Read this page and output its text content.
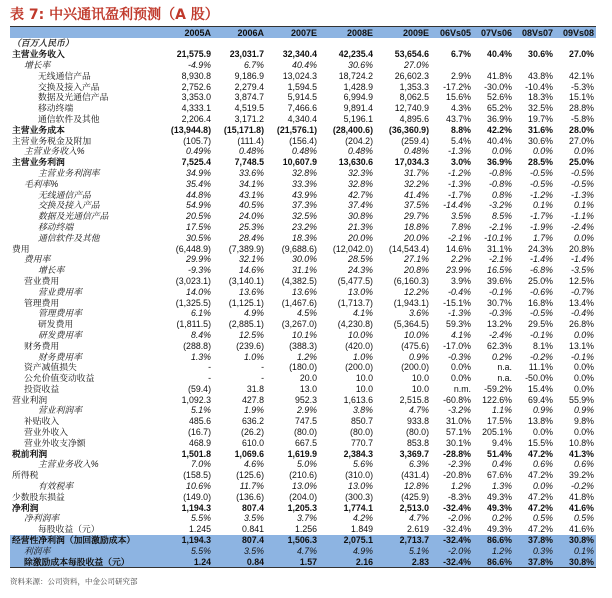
表 7: 中兴通讯盈利预测（A 股）
	2005A	2006A	2007E	2008E	2009E	06Vs05	07Vs06	08Vs07	09Vs08
（百万人民币）									
主营业务收入	21,575.9	23,031.7	32,340.4	42,235.4	53,654.6	6.7%	40.4%	30.6%	27.0%
增长率	-4.9%	6.7%	40.4%	30.6%	27.0%				
无线通信产品	8,930.8	9,186.9	13,024.3	18,724.2	26,602.3	2.9%	41.8%	43.8%	42.1%
交换及接入产品	2,752.6	2,279.4	1,594.5	1,428.9	1,353.3	-17.2%	-30.0%	-10.4%	-5.3%
数据及光通信产品	3,353.0	3,874.7	5,914.5	6,994.9	8,062.5	15.6%	52.6%	18.3%	15.1%
移动终端	4,333.1	4,519.5	7,466.6	9,891.4	12,740.9	4.3%	65.2%	32.5%	28.8%
通信软件及其他	2,206.4	3,171.2	4,340.4	5,196.1	4,895.6	43.7%	36.9%	19.7%	-5.8%
主营业务成本	(13,944.8)	(15,171.8)	(21,576.1)	(28,400.6)	(36,360.9)	8.8%	42.2%	31.6%	28.0%
主营业务税金及附加	(105.7)	(111.4)	(156.4)	(204.2)	(259.4)	5.4%	40.4%	30.6%	27.0%
主营业务收入%	0.49%	0.48%	0.48%	0.48%	0.48%	-1.3%	0.0%	0.0%	0.0%
主营业务利润	7,525.4	7,748.5	10,607.9	13,630.6	17,034.3	3.0%	36.9%	28.5%	25.0%
主营业务利润率	34.9%	33.6%	32.8%	32.3%	31.7%	-1.2%	-0.8%	-0.5%	-0.5%
毛利率%	35.4%	34.1%	33.3%	32.8%	32.2%	-1.3%	-0.8%	-0.5%	-0.5%
无线通信产品	44.8%	43.1%	43.9%	42.7%	41.4%	-1.7%	0.8%	-1.2%	-1.3%
交换及接入产品	54.9%	40.5%	37.3%	37.4%	37.5%	-14.4%	-3.2%	0.1%	0.1%
数据及光通信产品	20.5%	24.0%	32.5%	30.8%	29.7%	3.5%	8.5%	-1.7%	-1.1%
移动终端	17.5%	25.3%	23.2%	21.3%	18.8%	7.8%	-2.1%	-1.9%	-2.4%
通信软件及其他	30.5%	28.4%	18.3%	20.0%	20.0%	-2.1%	-10.1%	1.7%	0.0%
费用	(6,448.9)	(7,389.9)	(9,688.6)	(12,042.0)	(14,543.4)	14.6%	31.1%	24.3%	20.8%
费用率	29.9%	32.1%	30.0%	28.5%	27.1%	2.2%	-2.1%	-1.4%	-1.4%
增长率	-9.3%	14.6%	31.1%	24.3%	20.8%	23.9%	16.5%	-6.8%	-3.5%
营业费用	(3,023.1)	(3,140.1)	(4,382.5)	(5,477.5)	(6,160.3)	3.9%	39.6%	25.0%	12.5%
营业费用率	14.0%	13.6%	13.6%	13.0%	12.2%	-0.4%	-0.1%	-0.6%	-0.7%
管理费用	(1,325.5)	(1,125.1)	(1,467.6)	(1,713.7)	(1,943.1)	-15.1%	30.7%	16.8%	13.4%
管理费用率	6.1%	4.9%	4.5%	4.1%	3.6%	-1.3%	-0.3%	-0.5%	-0.4%
研发费用	(1,811.5)	(2,885.1)	(3,267.0)	(4,230.8)	(5,364.5)	59.3%	13.2%	29.5%	26.8%
研发费用率	8.4%	12.5%	10.1%	10.0%	10.0%	4.1%	-2.4%	-0.1%	0.0%
财务费用	(288.8)	(239.6)	(388.3)	(420.0)	(475.6)	-17.0%	62.3%	8.1%	13.1%
财务费用率	1.3%	1.0%	1.2%	1.0%	0.9%	-0.3%	0.2%	-0.2%	-0.1%
资产减值损失	-	-	(180.0)	(200.0)	(200.0)	0.0%	n.a.	11.1%	0.0%
公允价值变动收益	-	-	20.0	10.0	10.0	0.0%	n.a.	-50.0%	0.0%
投资收益	(59.4)	31.8	13.0	10.0	10.0	n.m.	-59.2%	15.4%	0.0%
营业利润	1,092.3	427.8	952.3	1,613.6	2,515.8	-60.8%	122.6%	69.4%	55.9%
营业利润率	5.1%	1.9%	2.9%	3.8%	4.7%	-3.2%	1.1%	0.9%	0.9%
补贴收入	485.6	636.2	747.5	850.7	933.8	31.0%	17.5%	13.8%	9.8%
营业外收入	(16.7)	(26.2)	(80.0)	(80.0)	(80.0)	57.1%	205.1%	0.0%	0.0%
营业外收支净额	468.9	610.0	667.5	770.7	853.8	30.1%	9.4%	15.5%	10.8%
税前利润	1,501.8	1,069.6	1,619.9	2,384.3	3,369.7	-28.8%	51.4%	47.2%	41.3%
主营业务收入%	7.0%	4.6%	5.0%	5.6%	6.3%	-2.3%	0.4%	0.6%	0.6%
所得税	(158.5)	(125.6)	(210.6)	(310.0)	(431.4)	-20.8%	67.6%	47.2%	39.2%
有效税率	10.6%	11.7%	13.0%	13.0%	12.8%	1.2%	1.3%	0.0%	-0.2%
少数股东损益	(149.0)	(136.6)	(204.0)	(300.3)	(425.9)	-8.3%	49.3%	47.2%	41.8%
净利润	1,194.3	807.4	1,205.3	1,774.1	2,513.0	-32.4%	49.3%	47.2%	41.6%
净利润率	5.5%	3.5%	3.7%	4.2%	4.7%	-2.0%	0.2%	0.5%	0.5%
每股收益（元）	1.245	0.841	1.256	1.849	2.619	-32.4%	49.3%	47.2%	41.6%
经营性净利润（加回激励成本）	1,194.3	807.4	1,506.3	2,075.1	2,713.7	-32.4%	86.6%	37.8%	30.8%
利润率	5.5%	3.5%	4.7%	4.9%	5.1%	-2.0%	1.2%	0.3%	0.1%
除激励成本每股收益（元）	1.24	0.84	1.57	2.16	2.83	-32.4%	86.6%	37.8%	30.8%
资料来源：公司资料，中金公司研究部
